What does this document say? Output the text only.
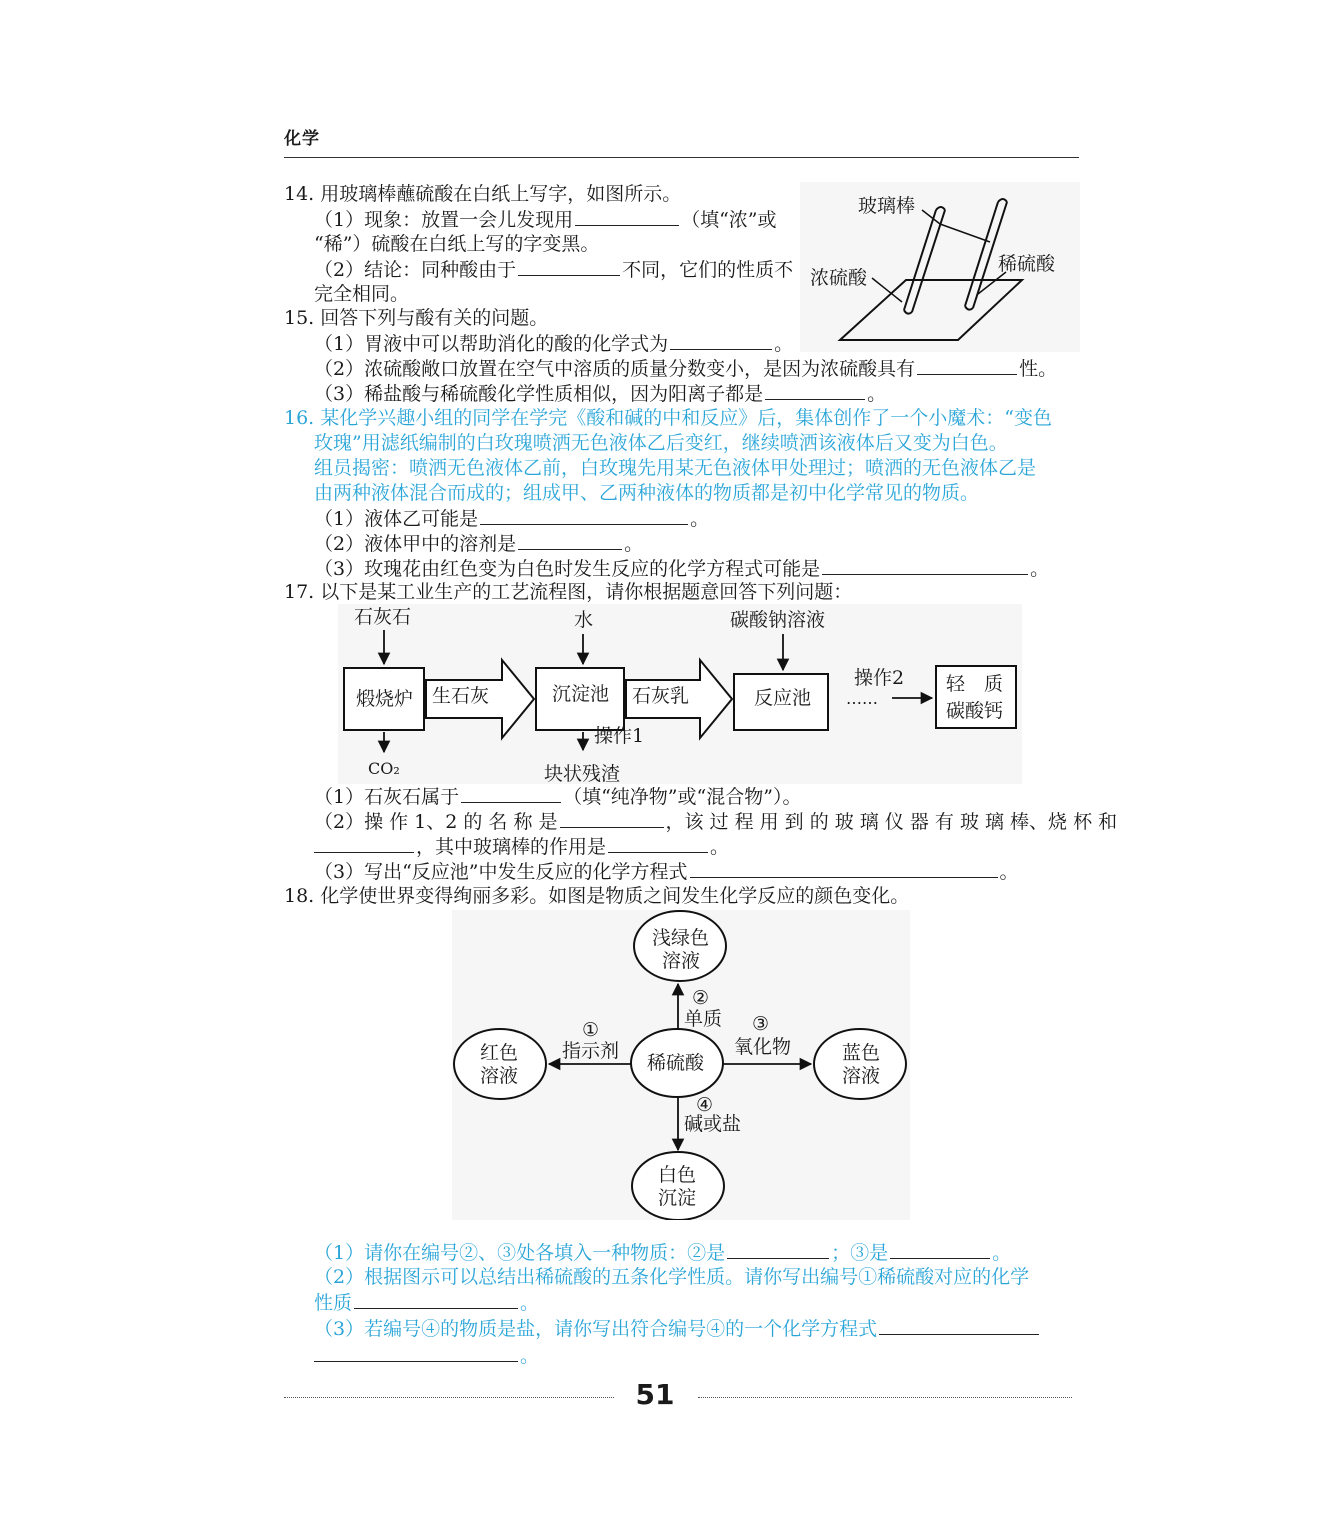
化学
14. 用玻璃棒蘸硫酸在白纸上写字，如图所示。
（1）现象：放置一会儿发现用	（填“浓”或
“稀”）硫酸在白纸上写的字变黑。
（2）结论：同种酸由于	不同，它们的性质不
完全相同。
玻璃棒
浓硫酸
稀硫酸
15. 回答下列与酸有关的问题。
（1）胃液中可以帮助消化的酸的化学式为	。
（2）浓硫酸敞口放置在空气中溶质的质量分数变小，是因为浓硫酸具有	性。
（3）稀盐酸与稀硫酸化学性质相似，因为阳离子都是	。
16. 某化学兴趣小组的同学在学完《酸和碱的中和反应》后，集体创作了一个小魔术：“变色
玫瑰”用滤纸编制的白玫瑰喷洒无色液体乙后变红，继续喷洒该液体后又变为白色。
组员揭密：喷洒无色液体乙前，白玫瑰先用某无色液体甲处理过；喷洒的无色液体乙是
由两种液体混合而成的；组成甲、乙两种液体的物质都是初中化学常见的物质。
（1）液体乙可能是	。
（2）液体甲中的溶剂是	。
（3）玫瑰花由红色变为白色时发生反应的化学方程式可能是	。
17. 以下是某工业生产的工艺流程图，请你根据题意回答下列问题：
石灰石	水	碳酸钠溶液
煅烧炉 生石灰	沉淀池 石灰乳	反应池
操作2
……
轻　质
碳酸钙
CO₂
操作1
块状残渣
（1）石灰石属于	（填“纯净物”或“混合物”）。
（2）操 作 1、2 的 名 称 是	，该 过 程 用 到 的 玻 璃 仪 器 有 玻 璃 棒、烧 杯 和
，其中玻璃棒的作用是	。
（3）写出“反应池”中发生反应的化学方程式	。
18. 化学使世界变得绚丽多彩。如图是物质之间发生化学反应的颜色变化。
浅绿色
溶液
红色
溶液
稀硫酸	蓝色
溶液
白色
沉淀
①
指示剂
②
单质 ③
氧化物
④
碱或盐
（1）请你在编号②、③处各填入一种物质：②是	；③是	。
（2）根据图示可以总结出稀硫酸的五条化学性质。请你写出编号①稀硫酸对应的化学
性质	。
（3）若编号④的物质是盐，请你写出符合编号④的一个化学方程式
。
51
